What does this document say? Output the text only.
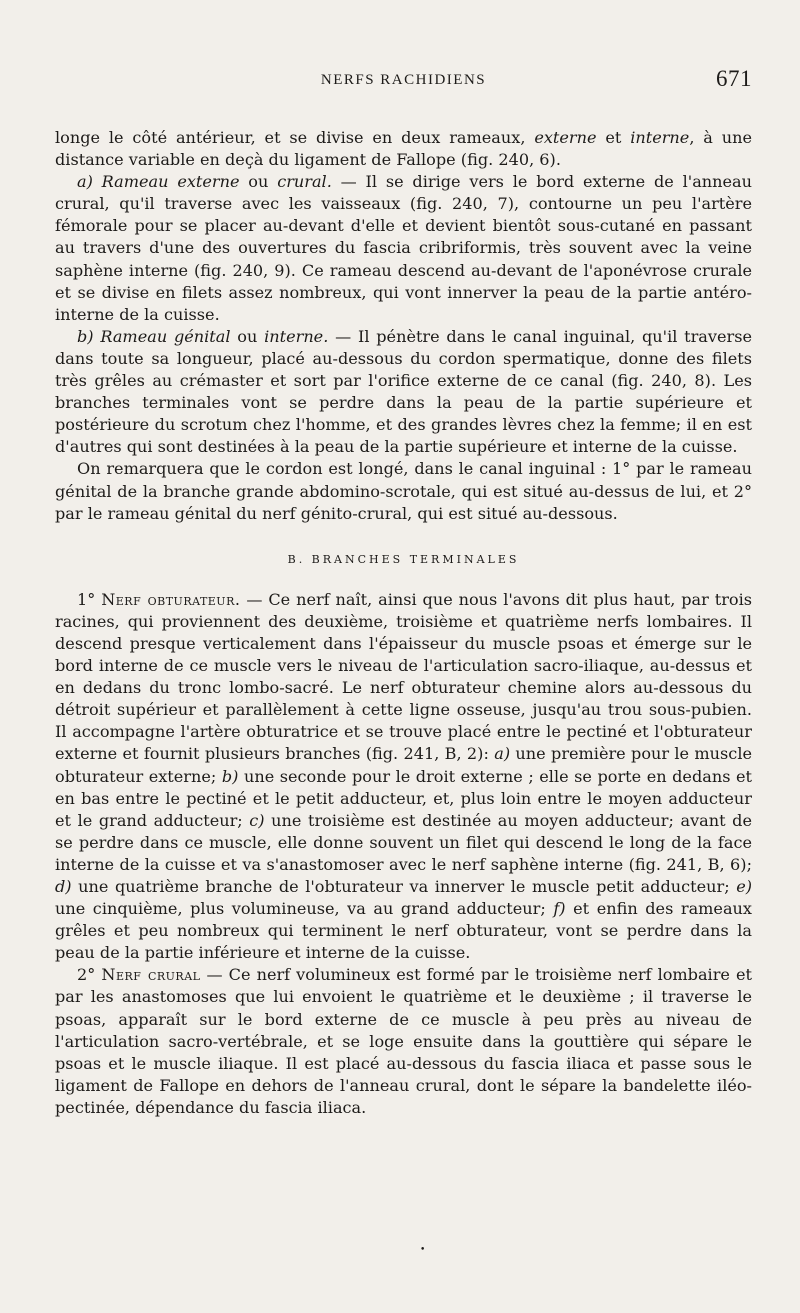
NERFS RACHIDIENS	671

longe le côté antérieur, et se divise en deux rameaux, externe et interne, à une distance variable en deçà du ligament de Fallope (fig. 240, 6).

a) Rameau externe ou crural. — Il se dirige vers le bord externe de l'anneau crural, qu'il traverse avec les vaisseaux (fig. 240, 7), contourne un peu l'artère fémorale pour se placer au-devant d'elle et devient bientôt sous-cutané en passant au travers d'une des ouvertures du fascia cribriformis, très souvent avec la veine saphène interne (fig. 240, 9). Ce rameau descend au-devant de l'aponévrose crurale et se divise en filets assez nombreux, qui vont innerver la peau de la partie antéro-interne de la cuisse.

b) Rameau génital ou interne. — Il pénètre dans le canal inguinal, qu'il traverse dans toute sa longueur, placé au-dessous du cordon spermatique, donne des filets très grêles au crémaster et sort par l'orifice externe de ce canal (fig. 240, 8). Les branches terminales vont se perdre dans la peau de la partie supérieure et postérieure du scrotum chez l'homme, et des grandes lèvres chez la femme; il en est d'autres qui sont destinées à la peau de la partie supérieure et interne de la cuisse.

On remarquera que le cordon est longé, dans le canal inguinal : 1° par le rameau génital de la branche grande abdomino-scrotale, qui est situé au-dessus de lui, et 2° par le rameau génital du nerf génito-crural, qui est situé au-dessous.

B. BRANCHES TERMINALES

1° Nerf obturateur. — Ce nerf naît, ainsi que nous l'avons dit plus haut, par trois racines, qui proviennent des deuxième, troisième et quatrième nerfs lombaires. Il descend presque verticalement dans l'épaisseur du muscle psoas et émerge sur le bord interne de ce muscle vers le niveau de l'articulation sacro-iliaque, au-dessus et en dedans du tronc lombo-sacré. Le nerf obturateur chemine alors au-dessous du détroit supérieur et parallèlement à cette ligne osseuse, jusqu'au trou sous-pubien. Il accompagne l'artère obturatrice et se trouve placé entre le pectiné et l'obturateur externe et fournit plusieurs branches (fig. 241, B, 2): a) une première pour le muscle obturateur externe; b) une seconde pour le droit externe ; elle se porte en dedans et en bas entre le pectiné et le petit adducteur, et, plus loin entre le moyen adducteur et le grand adducteur; c) une troisième est destinée au moyen adducteur; avant de se perdre dans ce muscle, elle donne souvent un filet qui descend le long de la face interne de la cuisse et va s'anastomoser avec le nerf saphène interne (fig. 241, B, 6); d) une quatrième branche de l'obturateur va innerver le muscle petit adducteur; e) une cinquième, plus volumineuse, va au grand adducteur; f) et enfin des rameaux grêles et peu nombreux qui terminent le nerf obturateur, vont se perdre dans la peau de la partie inférieure et interne de la cuisse.

2° Nerf crural — Ce nerf volumineux est formé par le troisième nerf lombaire et par les anastomoses que lui envoient le quatrième et le deuxième ; il traverse le psoas, apparaît sur le bord externe de ce muscle à peu près au niveau de l'articulation sacro-vertébrale, et se loge ensuite dans la gouttière qui sépare le psoas et le muscle iliaque. Il est placé au-dessous du fascia iliaca et passe sous le ligament de Fallope en dehors de l'anneau crural, dont le sépare la bandelette iléo-pectinée, dépendance du fascia iliaca.

•
